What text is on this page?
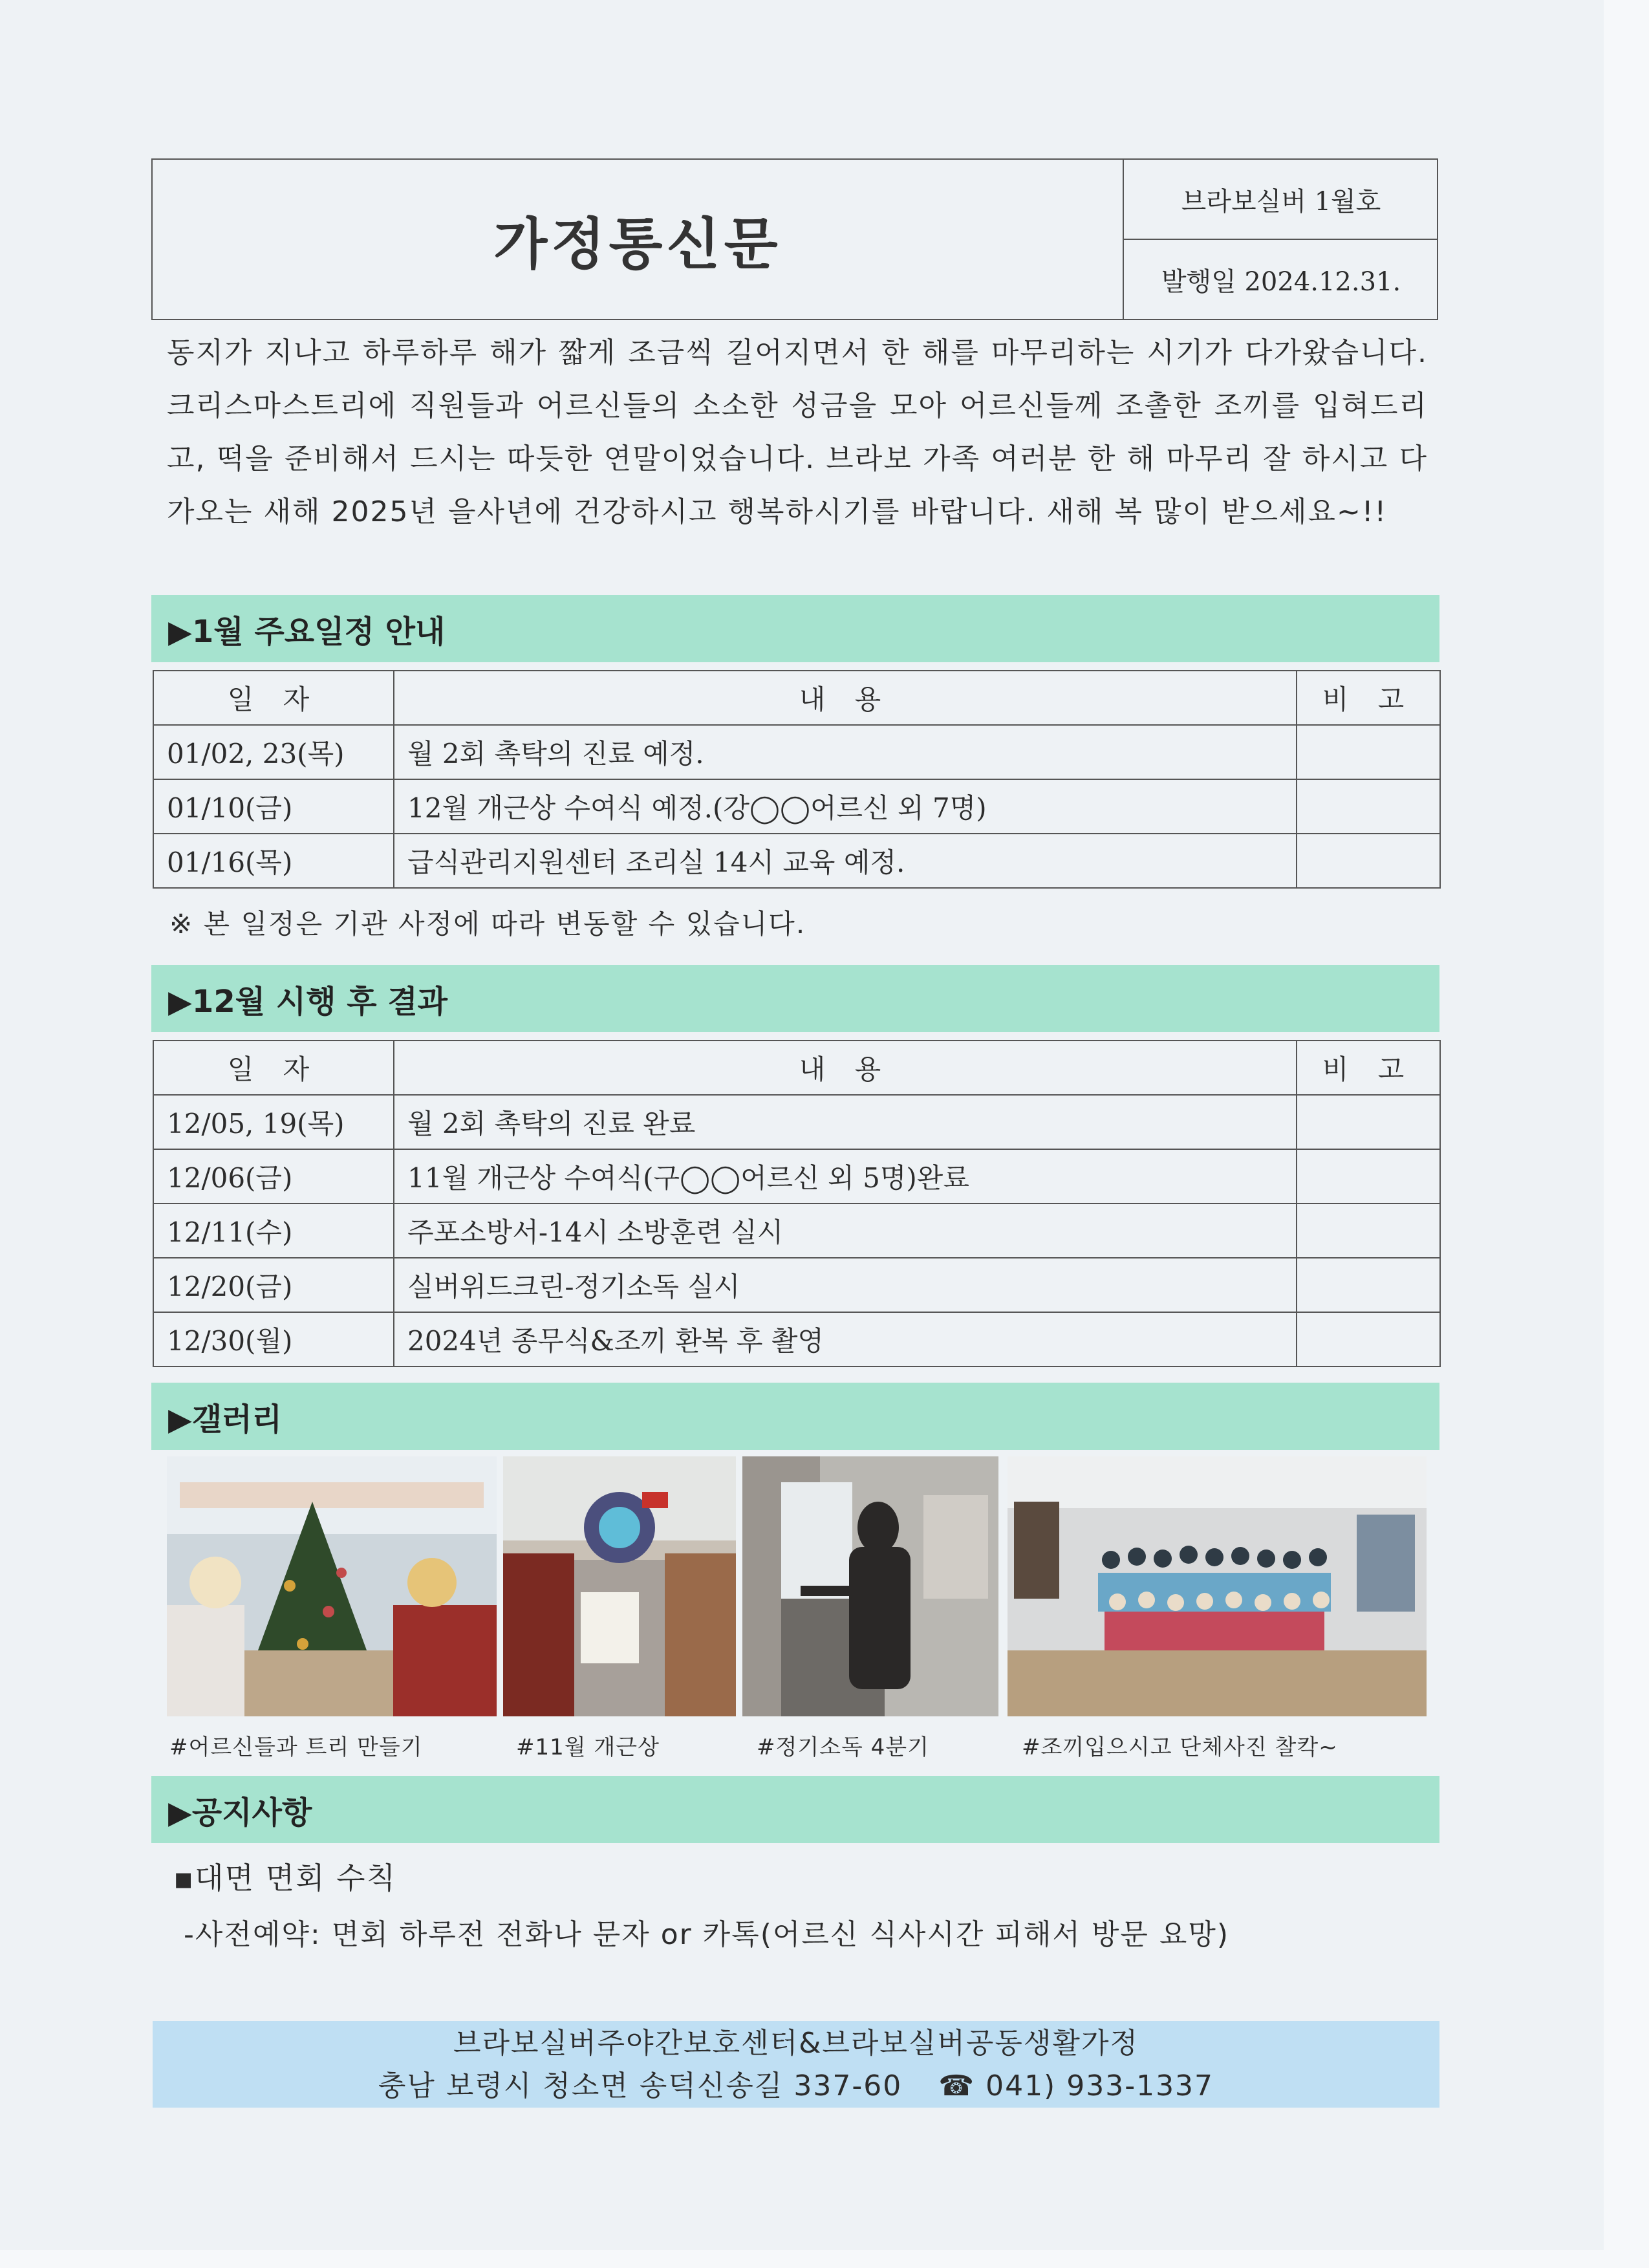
가정통신문
브라보실버 1월호
발행일 2024.12.31.
동지가 지나고 하루하루 해가 짧게 조금씩 길어지면서 한 해를 마무리하는 시기가 다가왔습니다. 크리스마스트리에 직원들과 어르신들의 소소한 성금을 모아 어르신들께 조촐한 조끼를 입혀드리고, 떡을 준비해서 드시는 따듯한 연말이었습니다. 브라보 가족 여러분 한 해 마무리 잘 하시고 다가오는 새해 2025년 을사년에 건강하시고 행복하시기를 바랍니다. 새해 복 많이 받으세요~!!
▶1월 주요일정 안내
일 자	내 용	비 고
01/02, 23(목)	월 2회 촉탁의 진료 예정.	
01/10(금)	12월 개근상 수여식 예정.(강◯◯어르신 외 7명)	
01/16(목)	급식관리지원센터 조리실 14시 교육 예정.	
※ 본 일정은 기관 사정에 따라 변동할 수 있습니다.
▶12월 시행 후 결과
일 자	내 용	비 고
12/05, 19(목)	월 2회 촉탁의 진료 완료	
12/06(금)	11월 개근상 수여식(구◯◯어르신 외 5명)완료	
12/11(수)	주포소방서-14시 소방훈련 실시	
12/20(금)	실버위드크린-정기소독 실시	
12/30(월)	2024년 종무식&조끼 환복 후 촬영	
▶갤러리
#어르신들과 트리 만들기	#11월 개근상	#정기소독 4분기	#조끼입으시고 단체사진 찰칵~
▶공지사항
▪대면 면회 수칙
-사전예약: 면회 하루전 전화나 문자 or 카톡(어르신 식사시간 피해서 방문 요망)
브라보실버주야간보호센터&브라보실버공동생활가정
충남 보령시 청소면 송덕신송길 337-60 ☎ 041) 933-1337
